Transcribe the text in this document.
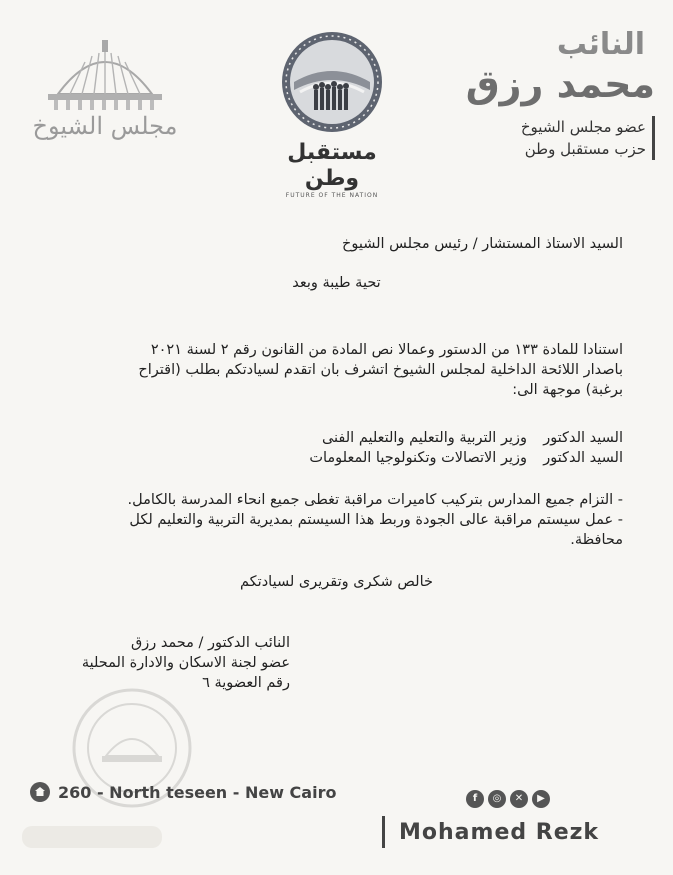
النائب
محمد رزق
عضو مجلس الشيوخ
حزب مستقبل وطن
مستقبل وطن
FUTURE OF THE NATION
مجلس الشيوخ
السيد الاستاذ المستشار / رئيس مجلس الشيوخ
تحية طيبة وبعد
استنادا للمادة ١٣٣ من الدستور وعمالا نص المادة من القانون رقم ٢ لسنة ٢٠٢١
باصدار اللائحة الداخلية لمجلس الشيوخ اتشرف بان اتقدم لسيادتكم بطلب (اقتراح
برغبة) موجهة الى:
السيد الدكتور
وزير التربية والتعليم والتعليم الفنى
السيد الدكتور
وزير الاتصالات وتكنولوجيا المعلومات
- التزام جميع المدارس بتركيب كاميرات مراقبة تغطى جميع انحاء المدرسة بالكامل.
- عمل سيستم مراقبة عالى الجودة وربط هذا السيستم بمديرية التربية والتعليم لكل
محافظة.
خالص شكرى وتقريرى لسيادتكم
النائب الدكتور / محمد رزق
عضو لجنة الاسكان والادارة المحلية
رقم العضوية ٦
260 - North teseen - New Cairo	f	◎	✕	▶
Mohamed Rezk
